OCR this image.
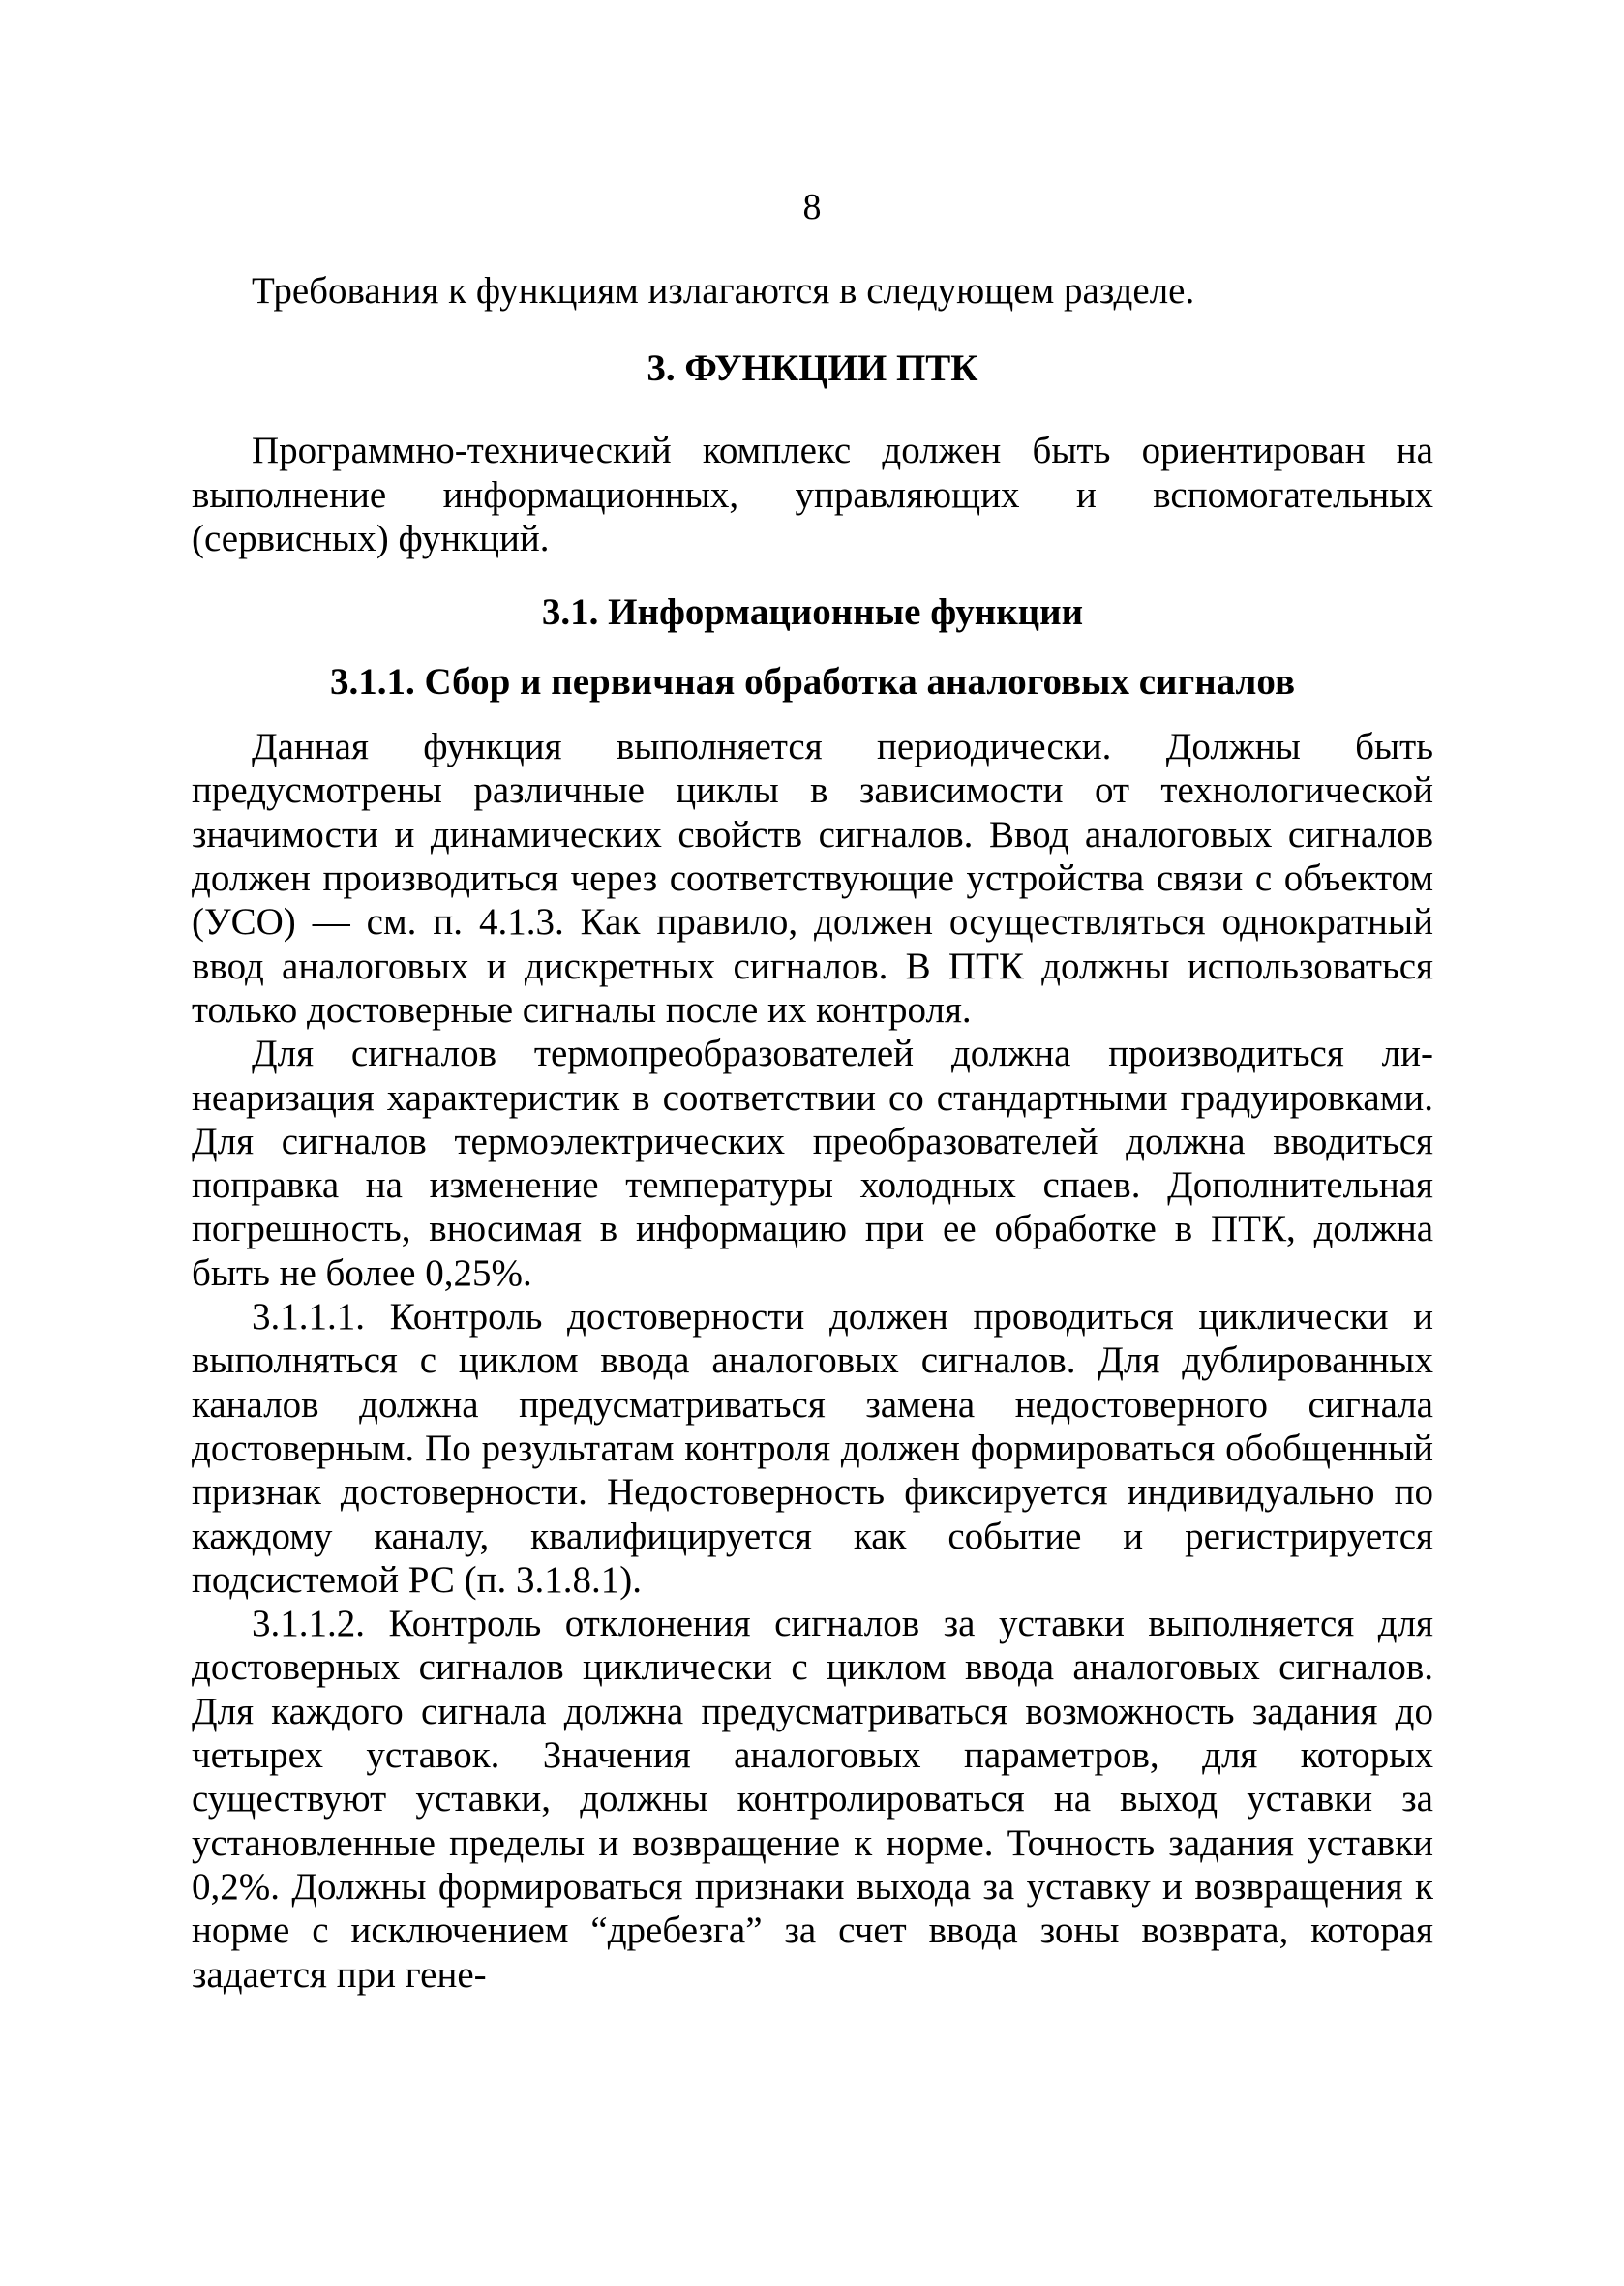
8

Требования к функциям излагаются в следующем разделе.

3. ФУНКЦИИ ПТК

Программно-технический комплекс должен быть ориентирован на выполнение информационных, управляющих и вспомогательных (сервисных) функций.

3.1. Информационные функции
3.1.1. Сбор и первичная обработка аналоговых сигналов

Данная функция выполняется периодически. Должны быть предусмотрены различные циклы в зависимости от технологической значимости и динамических свойств сигналов. Ввод аналоговых сигналов должен производиться через соответствующие устройства связи с объектом (УСО) — см. п. 4.1.3. Как правило, должен осуществляться однократный ввод аналоговых и дискретных сигналов. В ПТК должны использоваться только достоверные сигналы после их контроля.

Для сигналов термопреобразователей должна производиться линеаризация характеристик в соответствии со стандартными градуировками. Для сигналов термоэлектрических преобразователей должна вводиться поправка на изменение температуры холодных спаев. Дополнительная погрешность, вносимая в информацию при ее обработке в ПТК, должна быть не более 0,25%.

3.1.1.1. Контроль достоверности должен проводиться циклически и выполняться с циклом ввода аналоговых сигналов. Для дублированных каналов должна предусматриваться замена недостоверного сигнала достоверным. По результатам контроля должен формироваться обобщенный признак достоверности. Недостоверность фиксируется индивидуально по каждому каналу, квалифицируется как событие и регистрируется подсистемой РС (п. 3.1.8.1).

3.1.1.2. Контроль отклонения сигналов за уставки выполняется для достоверных сигналов циклически с циклом ввода аналоговых сигналов. Для каждого сигнала должна предусматриваться возможность задания до четырех уставок. Значения аналоговых параметров, для которых существуют уставки, должны контролироваться на выход уставки за установленные пределы и возвращение к норме. Точность задания уставки 0,2%. Должны формироваться признаки выхода за уставку и возвращения к норме с исключением “дребезга” за счет ввода зоны возврата, которая задается при гене-
